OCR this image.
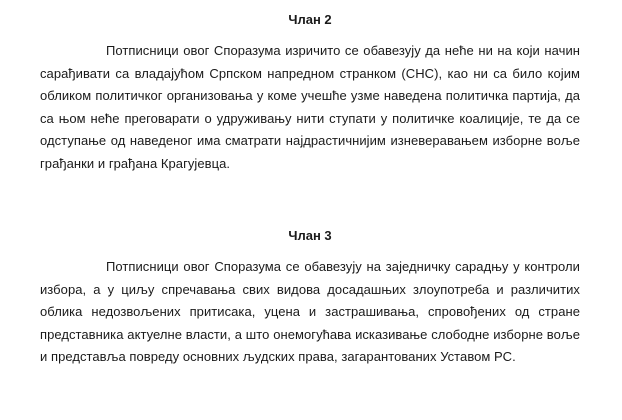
Члан 2

Потписници овог Споразума изричито се обавезују да неће ни на који начин сарађивати са владајућом Српском напредном странком (СНС), као ни са било којим обликом политичког организовања у коме учешће узме наведена политичка партија, да са њом неће преговарати о удруживању нити ступати у политичке коалиције, те да се одступање од наведеног има сматрати најдрастичнијим изневеравањем изборне воље грађанки и грађана Крагујевца.

Члан 3

Потписници овог Споразума се обавезују на заједничку сарадњу у контроли избора, а у циљу спречавања свих видова досадашњих злоупотреба и различитих облика недозвољених притисака, уцена и застрашивања, спровођених од стране представника актуелне власти, а што онемогућава исказивање слободне изборне воље и представља повреду основних људских права, загарантованих Уставом РС.
